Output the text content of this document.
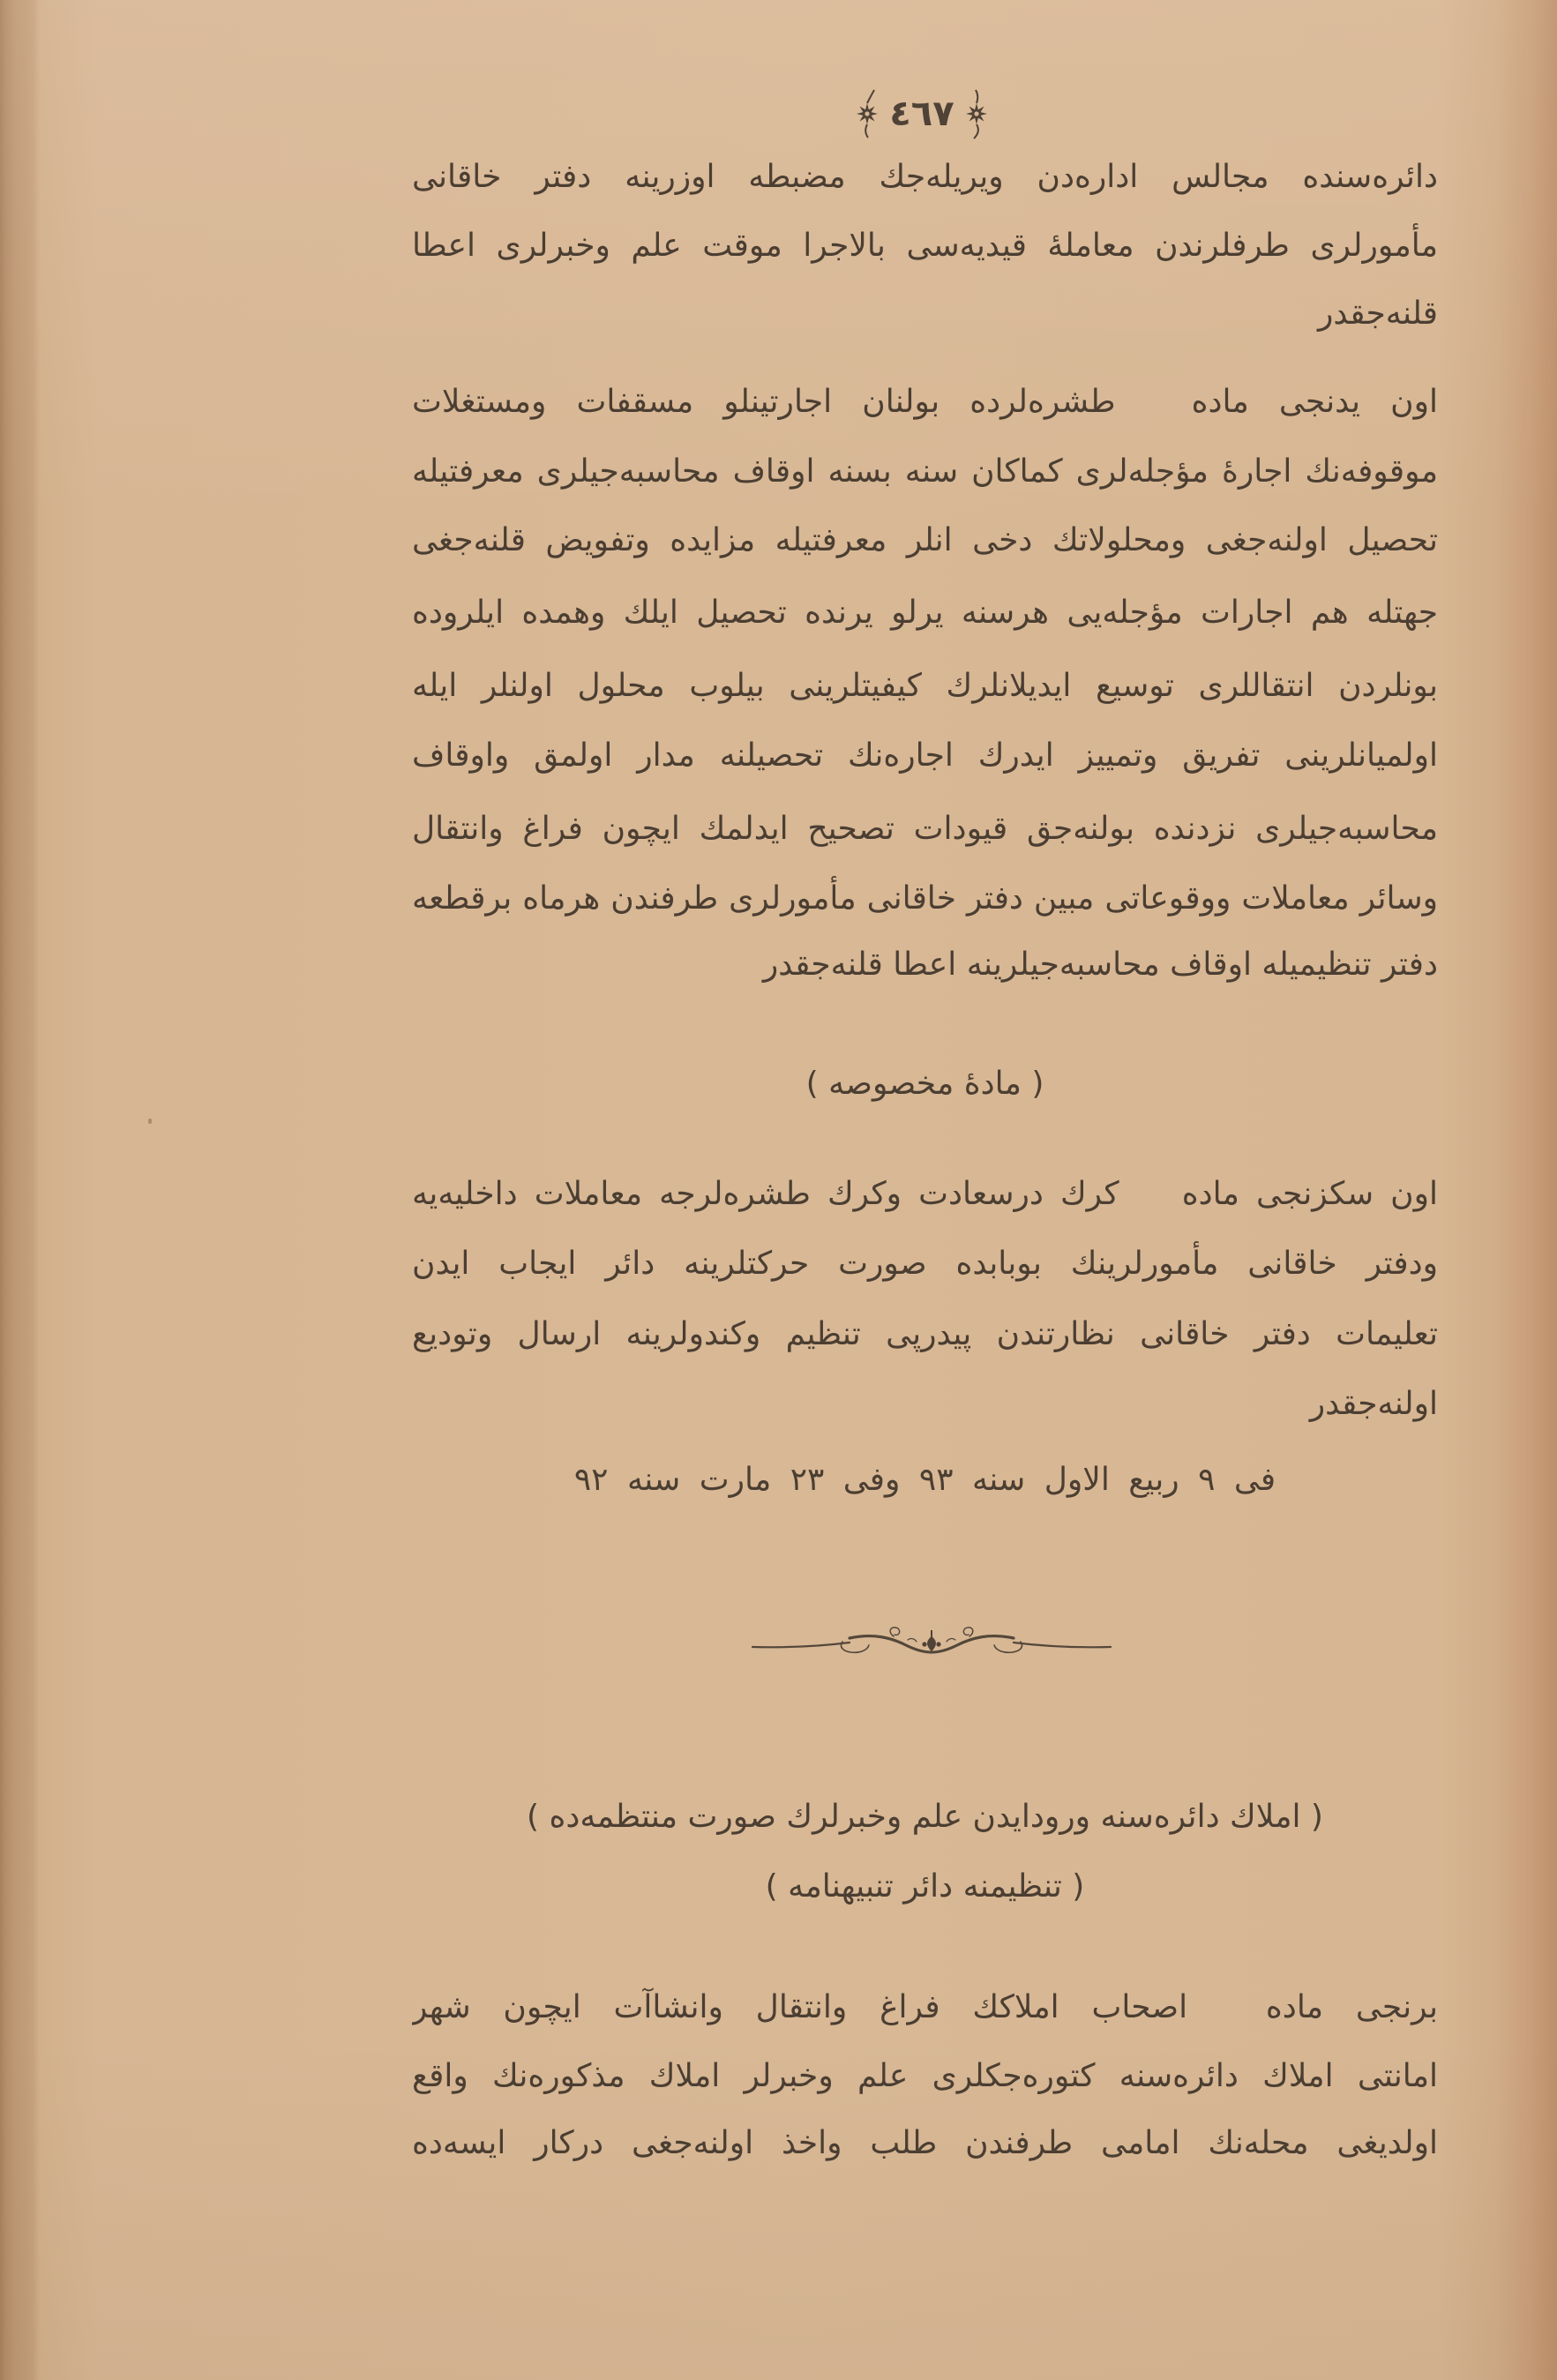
٤٦٧
دائره‌سنده مجالس اداره‌دن ویریله‌جك مضبطه اوزرینه دفتر خاقانی
مأمورلری طرفلرندن معاملهٔ قیدیه‌سی بالاجرا موقت علم وخبرلری اعطا
قلنه‌جقدر
اون یدنجی ماده طشره‌لرده بولنان اجارتینلو مسقفات ومستغلات
موقوفه‌نك اجارهٔ مؤجله‌لری کماکان سنه بسنه اوقاف محاسبه‌جیلری معرفتیله
تحصیل اولنه‌جغی ومحلولاتك دخی انلر معرفتیله مزایده وتفویض قلنه‌جغی
جهتله هم اجارات مؤجله‌یی هرسنه یرلو یرنده تحصیل ایلك وهمده ایلروده
بونلردن انتقاللری توسیع ایدیلانلرك کیفیتلرینی بیلوب محلول اولنلر ایله
اولمیانلرینی تفریق وتمییز ایدرك اجاره‌نك تحصیلنه مدار اولمق واوقاف
محاسبه‌جیلری نزدنده بولنه‌جق قیودات تصحیح ایدلمك ایچون فراغ وانتقال
وسائر معاملات ووقوعاتی مبین دفتر خاقانی مأمورلری طرفندن هرماه برقطعه
دفتر تنظیمیله اوقاف محاسبه‌جیلرینه اعطا قلنه‌جقدر
( مادهٔ مخصوصه )
اون سکزنجی ماده کرك درسعادت وکرك طشره‌لرجه معاملات داخلیه‌یه
ودفتر خاقانی مأمورلرینك بوبابده صورت حرکتلرینه دائر ایجاب ایدن
تعلیمات دفتر خاقانی نظارتندن پیدرپی تنظیم وکندولرینه ارسال وتودیع
اولنه‌جقدر
فی ٩ ربیع الاول سنه ٩٣ وفی ٢٣ مارت سنه ٩٢
( املاك دائره‌سنه ورودایدن علم وخبرلرك صورت منتظمه‌ده )
( تنظیمنه دائر تنبیهنامه )
برنجی ماده اصحاب املاكك فراغ وانتقال وانشاآت ایچون شهر
امانتی املاك دائره‌سنه کتوره‌جکلری علم وخبرلر املاك مذکوره‌نك واقع
اولدیغی محله‌نك امامی طرفندن طلب واخذ اولنه‌جغی درکار ایسه‌ده
